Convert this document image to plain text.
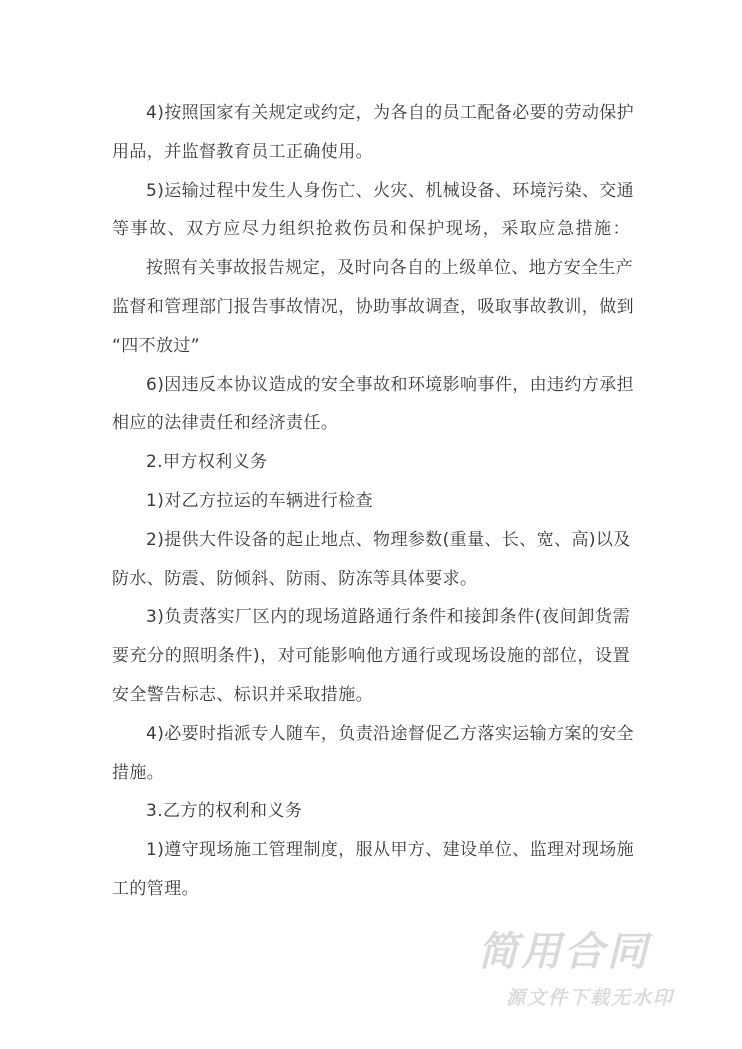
4)按照国家有关规定或约定，为各自的员工配备必要的劳动保护
用品，并监督教育员工正确使用。
5)运输过程中发生人身伤亡、火灾、机械设备、环境污染、交通
等事故、双方应尽力组织抢救伤员和保护现场，采取应急措施：
按照有关事故报告规定，及时向各自的上级单位、地方安全生产
监督和管理部门报告事故情况，协助事故调查，吸取事故教训，做到
“四不放过”
6)因违反本协议造成的安全事故和环境影响事件，由违约方承担
相应的法律责任和经济责任。
2.甲方权利义务
1)对乙方拉运的车辆进行检查
2)提供大件设备的起止地点、物理参数(重量、长、宽、高)以及
防水、防震、防倾斜、防雨、防冻等具体要求。
3)负责落实厂区内的现场道路通行条件和接卸条件(夜间卸货需
要充分的照明条件)，对可能影响他方通行或现场设施的部位，设置
安全警告标志、标识并采取措施。
4)必要时指派专人随车，负责沿途督促乙方落实运输方案的安全
措施。
3.乙方的权利和义务
1)遵守现场施工管理制度，服从甲方、建设单位、监理对现场施
工的管理。
简用合同
源文件下载无水印
